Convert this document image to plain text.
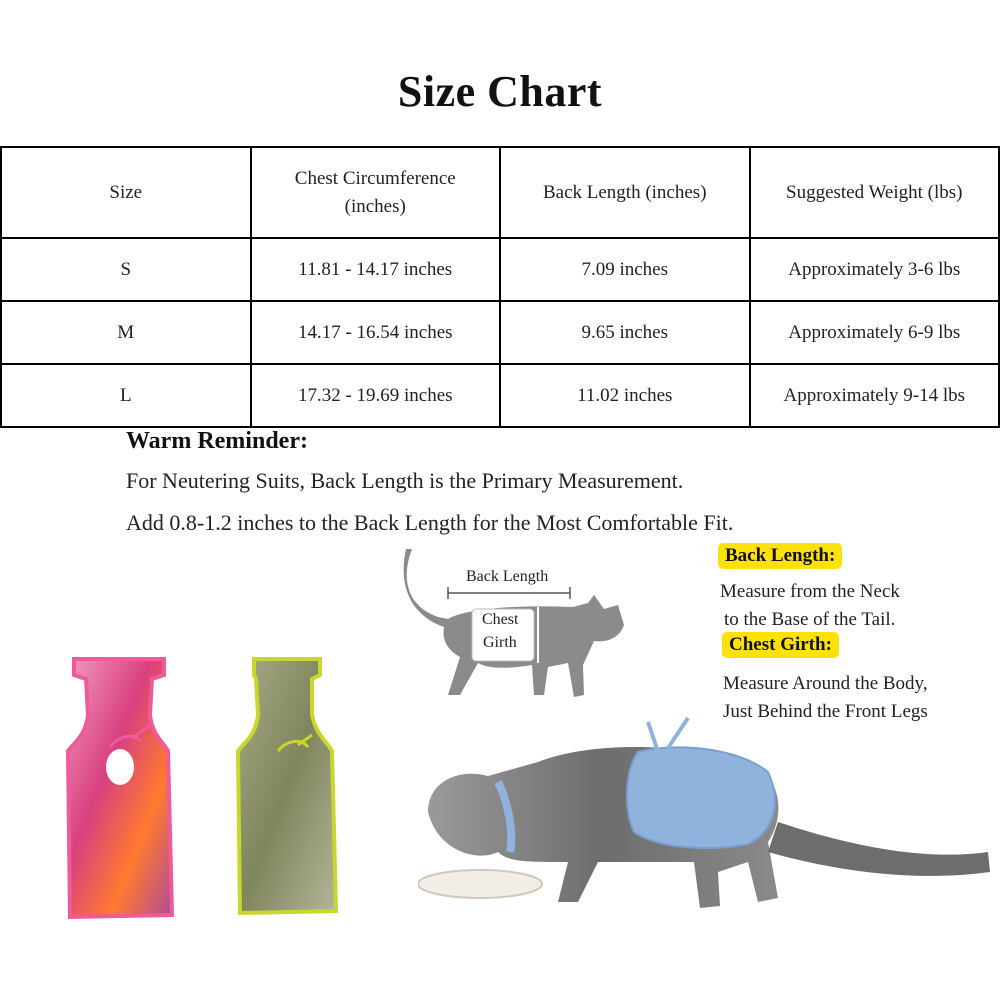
Size Chart
Size	Chest Circumference (inches)	Back Length (inches)	Suggested Weight (lbs)
S	11.81 - 14.17 inches	7.09 inches	Approximately 3-6 lbs
M	14.17 - 16.54 inches	9.65 inches	Approximately 6-9 lbs
L	17.32 - 19.69 inches	11.02 inches	Approximately 9-14 lbs
Warm Reminder:
For Neutering Suits, Back Length is the Primary Measurement.
Add 0.8-1.2 inches to the Back Length for the Most Comfortable Fit.
Back Length
Chest
Girth
Back Length:
Measure from the Neck
to the Base of the Tail.
Chest Girth:
Measure Around the Body,
Just Behind the Front Legs
